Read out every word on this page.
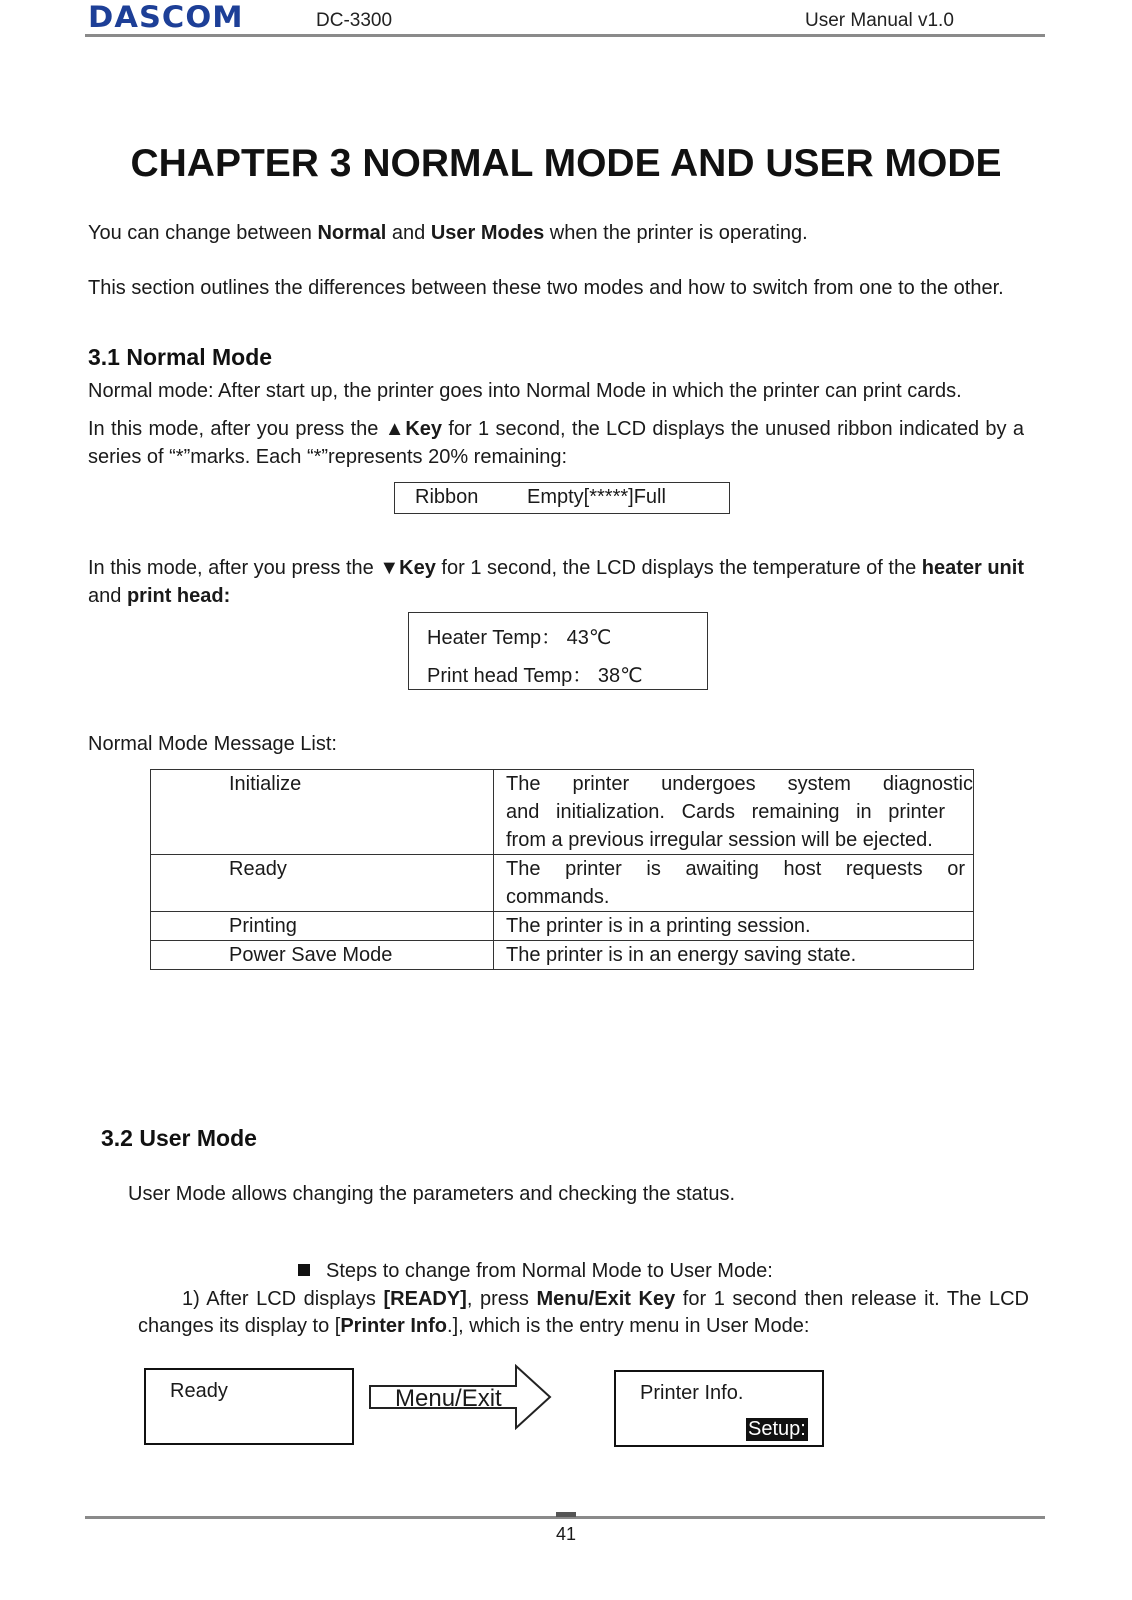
DASCOM	DC-3300	User Manual v1.0
CHAPTER 3 NORMAL MODE AND USER MODE
You can change between Normal and User Modes when the printer is operating.
This section outlines the differences between these two modes and how to switch from one to the other.
3.1 Normal Mode
Normal mode: After start up, the printer goes into Normal Mode in which the printer can print cards.
In this mode, after you press the ▲Key for 1 second, the LCD displays the unused ribbon indicated by a series of “*”marks. Each “*”represents 20% remaining:
Ribbon Empty[*****]Full
In this mode, after you press the ▼Key for 1 second, the LCD displays the temperature of the heater unit and print head:
Heater Temp： 43℃
Print head Temp： 38℃
Normal Mode Message List:
Initialize	The printer undergoes system diagnostic
and initialization. Cards remaining in printer
from a previous irregular session will be ejected.

Ready	The printer is awaiting host requests or
commands.

Printing	The printer is in a printing session.
Power Save Mode	The printer is in an energy saving state.
3.2 User Mode
User Mode allows changing the parameters and checking the status.
Steps to change from Normal Mode to User Mode:
1) After LCD displays [READY], press Menu/Exit Key for 1 second then release it. The LCD
changes its display to [Printer Info.], which is the entry menu in User Mode:
Ready	Menu/Exit	Printer Info.
Setup:
41
